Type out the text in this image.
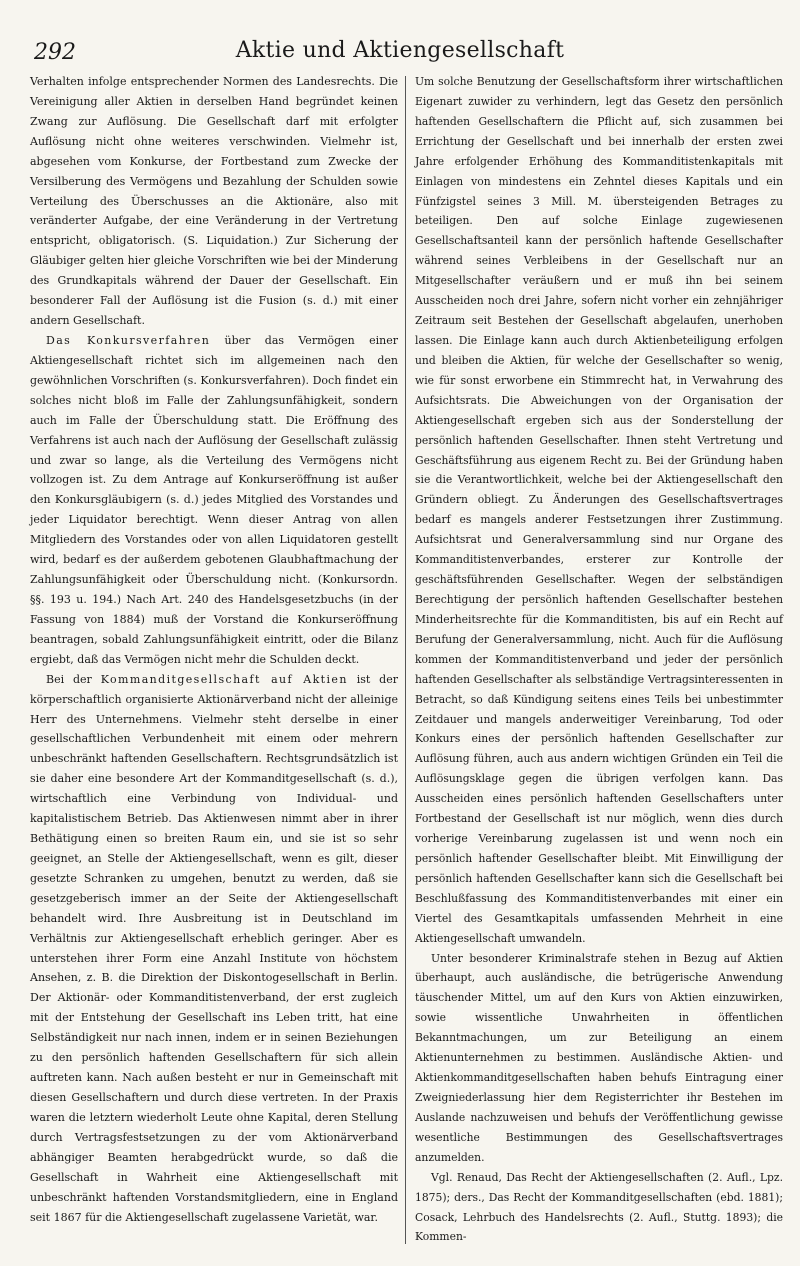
292	Aktie und Aktiengesellschaft

Verhalten infolge entsprechender Normen des Landesrechts. Die Vereinigung aller Aktien in derselben Hand begründet keinen Zwang zur Auflösung. Die Gesellschaft darf mit erfolgter Auflösung nicht ohne weiteres verschwinden. Vielmehr ist, abgesehen vom Konkurse, der Fortbestand zum Zwecke der Versilberung des Vermögens und Bezahlung der Schulden sowie Verteilung des Überschusses an die Aktionäre, also mit veränderter Aufgabe, der eine Veränderung in der Vertretung entspricht, obligatorisch. (S. Liquidation.) Zur Sicherung der Gläubiger gelten hier gleiche Vorschriften wie bei der Minderung des Grundkapitals während der Dauer der Gesellschaft. Ein besonderer Fall der Auflösung ist die Fusion (s. d.) mit einer andern Gesellschaft.

Das Konkursverfahren über das Vermögen einer Aktiengesellschaft richtet sich im allgemeinen nach den gewöhnlichen Vorschriften (s. Konkursverfahren). Doch findet ein solches nicht bloß im Falle der Zahlungsunfähigkeit, sondern auch im Falle der Überschuldung statt. Die Eröffnung des Verfahrens ist auch nach der Auflösung der Gesellschaft zulässig und zwar so lange, als die Verteilung des Vermögens nicht vollzogen ist. Zu dem Antrage auf Konkurseröffnung ist außer den Konkursgläubigern (s. d.) jedes Mitglied des Vorstandes und jeder Liquidator berechtigt. Wenn dieser Antrag von allen Mitgliedern des Vorstandes oder von allen Liquidatoren gestellt wird, bedarf es der außerdem gebotenen Glaubhaftmachung der Zahlungsunfähigkeit oder Überschuldung nicht. (Konkursordn. §§. 193 u. 194.) Nach Art. 240 des Handelsgesetzbuchs (in der Fassung von 1884) muß der Vorstand die Konkurseröffnung beantragen, sobald Zahlungsunfähigkeit eintritt, oder die Bilanz ergiebt, daß das Vermögen nicht mehr die Schulden deckt.

Bei der Kommanditgesellschaft auf Aktien ist der körperschaftlich organisierte Aktionärverband nicht der alleinige Herr des Unternehmens. Vielmehr steht derselbe in einer gesellschaftlichen Verbundenheit mit einem oder mehrern unbeschränkt haftenden Gesellschaftern. Rechtsgrundsätzlich ist sie daher eine besondere Art der Kommanditgesellschaft (s. d.), wirtschaftlich eine Verbindung von Individual- und kapitalistischem Betrieb. Das Aktienwesen nimmt aber in ihrer Bethätigung einen so breiten Raum ein, und sie ist so sehr geeignet, an Stelle der Aktiengesellschaft, wenn es gilt, dieser gesetzte Schranken zu umgehen, benutzt zu werden, daß sie gesetzgeberisch immer an der Seite der Aktiengesellschaft behandelt wird. Ihre Ausbreitung ist in Deutschland im Verhältnis zur Aktiengesellschaft erheblich geringer. Aber es unterstehen ihrer Form eine Anzahl Institute von höchstem Ansehen, z. B. die Direktion der Diskontogesellschaft in Berlin. Der Aktionär- oder Kommanditistenverband, der erst zugleich mit der Entstehung der Gesellschaft ins Leben tritt, hat eine Selbständigkeit nur nach innen, indem er in seinen Beziehungen zu den persönlich haftenden Gesellschaftern für sich allein auftreten kann. Nach außen besteht er nur in Gemeinschaft mit diesen Gesellschaftern und durch diese vertreten. In der Praxis waren die letztern wiederholt Leute ohne Kapital, deren Stellung durch Vertragsfestsetzungen zu der vom Aktionärverband abhängiger Beamten herabgedrückt wurde, so daß die Gesellschaft in Wahrheit eine Aktiengesellschaft mit unbeschränkt haftenden Vorstandsmitgliedern, eine in England seit 1867 für die Aktiengesellschaft zugelassene Varietät, war.

Um solche Benutzung der Gesellschaftsform ihrer wirtschaftlichen Eigenart zuwider zu verhindern, legt das Gesetz den persönlich haftenden Gesellschaftern die Pflicht auf, sich zusammen bei Errichtung der Gesellschaft und bei innerhalb der ersten zwei Jahre erfolgender Erhöhung des Kommanditistenkapitals mit Einlagen von mindestens ein Zehntel dieses Kapitals und ein Fünfzigstel seines 3 Mill. M. übersteigenden Betrages zu beteiligen. Den auf solche Einlage zugewiesenen Gesellschaftsanteil kann der persönlich haftende Gesellschafter während seines Verbleibens in der Gesellschaft nur an Mitgesellschafter veräußern und er muß ihn bei seinem Ausscheiden noch drei Jahre, sofern nicht vorher ein zehnjähriger Zeitraum seit Bestehen der Gesellschaft abgelaufen, unerhoben lassen. Die Einlage kann auch durch Aktienbeteiligung erfolgen und bleiben die Aktien, für welche der Gesellschafter so wenig, wie für sonst erworbene ein Stimmrecht hat, in Verwahrung des Aufsichtsrats. Die Abweichungen von der Organisation der Aktiengesellschaft ergeben sich aus der Sonderstellung der persönlich haftenden Gesellschafter. Ihnen steht Vertretung und Geschäftsführung aus eigenem Recht zu. Bei der Gründung haben sie die Verantwortlichkeit, welche bei der Aktiengesellschaft den Gründern obliegt. Zu Änderungen des Gesellschaftsvertrages bedarf es mangels anderer Festsetzungen ihrer Zustimmung. Aufsichtsrat und Generalversammlung sind nur Organe des Kommanditistenverbandes, ersterer zur Kontrolle der geschäftsführenden Gesellschafter. Wegen der selbständigen Berechtigung der persönlich haftenden Gesellschafter bestehen Minderheitsrechte für die Kommanditisten, bis auf ein Recht auf Berufung der Generalversammlung, nicht. Auch für die Auflösung kommen der Kommanditistenverband und jeder der persönlich haftenden Gesellschafter als selbständige Vertragsinteressenten in Betracht, so daß Kündigung seitens eines Teils bei unbestimmter Zeitdauer und mangels anderweitiger Vereinbarung, Tod oder Konkurs eines der persönlich haftenden Gesellschafter zur Auflösung führen, auch aus andern wichtigen Gründen ein Teil die Auflösungsklage gegen die übrigen verfolgen kann. Das Ausscheiden eines persönlich haftenden Gesellschafters unter Fortbestand der Gesellschaft ist nur möglich, wenn dies durch vorherige Vereinbarung zugelassen ist und wenn noch ein persönlich haftender Gesellschafter bleibt. Mit Einwilligung der persönlich haftenden Gesellschafter kann sich die Gesellschaft bei Beschlußfassung des Kommanditistenverbandes mit einer ein Viertel des Gesamtkapitals umfassenden Mehrheit in eine Aktiengesellschaft umwandeln.

Unter besonderer Kriminalstrafe stehen in Bezug auf Aktien überhaupt, auch ausländische, die betrügerische Anwendung täuschender Mittel, um auf den Kurs von Aktien einzuwirken, sowie wissentliche Unwahrheiten in öffentlichen Bekanntmachungen, um zur Beteiligung an einem Aktienunternehmen zu bestimmen. Ausländische Aktien- und Aktienkommanditgesellschaften haben behufs Eintragung einer Zweigniederlassung hier dem Registerrichter ihr Bestehen im Auslande nachzuweisen und behufs der Veröffentlichung gewisse wesentliche Bestimmungen des Gesellschaftsvertrages anzumelden.

Vgl. Renaud, Das Recht der Aktiengesellschaften (2. Aufl., Lpz. 1875); ders., Das Recht der Kommanditgesellschaften (ebd. 1881); Cosack, Lehrbuch des Handelsrechts (2. Aufl., Stuttg. 1893); die Kommen-
